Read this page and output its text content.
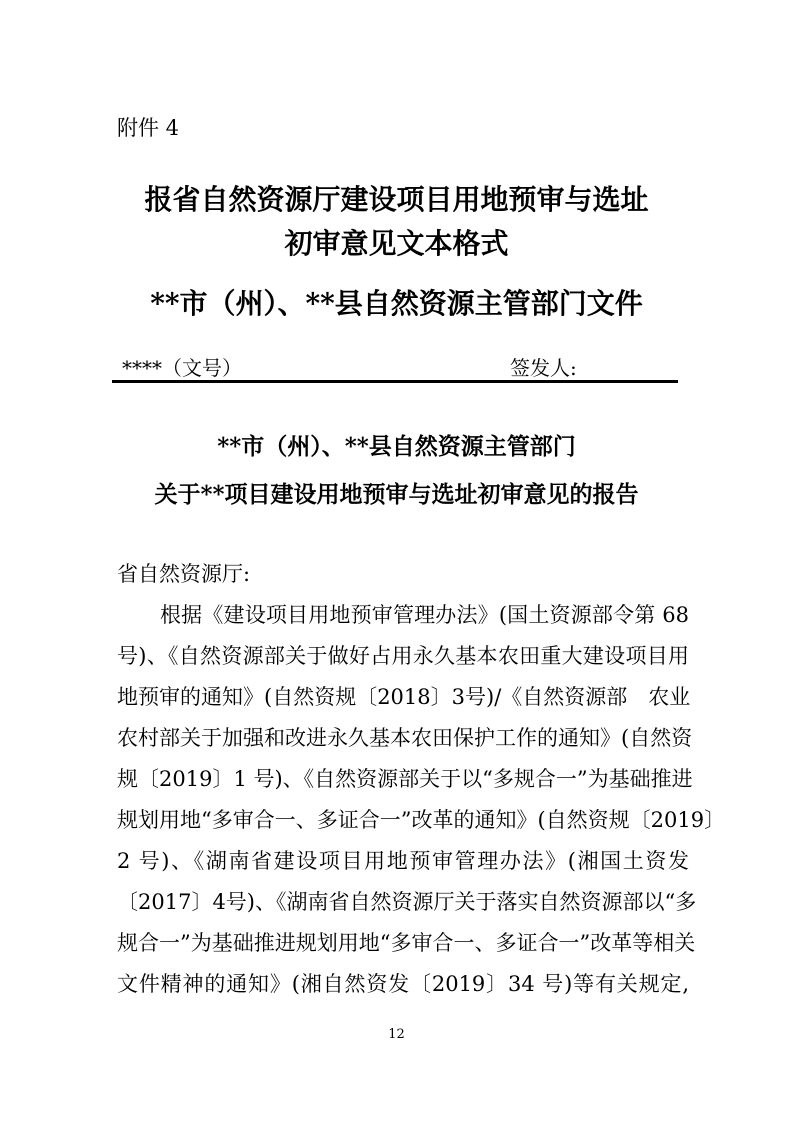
附件 4
报省自然资源厅建设项目用地预审与选址
初审意见文本格式
**市（州）、**县自然资源主管部门文件
****（文号）	签发人:
**市（州）、**县自然资源主管部门
关于**项目建设用地预审与选址初审意见的报告
省自然资源厅:
根据《建设项目用地预审管理办法》(国土资源部令第 68
号)、《自然资源部关于做好占用永久基本农田重大建设项目用
地预审的通知》(自然资规〔2018〕3号)/《自然资源部　农业
农村部关于加强和改进永久基本农田保护工作的通知》(自然资
规〔2019〕1 号)、《自然资源部关于以“多规合一”为基础推进
规划用地“多审合一、多证合一”改革的通知》(自然资规〔2019〕
2 号)、《湖南省建设项目用地预审管理办法》(湘国土资发
〔2017〕4号)、《湖南省自然资源厅关于落实自然资源部以“多
规合一”为基础推进规划用地“多审合一、多证合一”改革等相关
文件精神的通知》(湘自然资发〔2019〕34 号)等有关规定,
12
